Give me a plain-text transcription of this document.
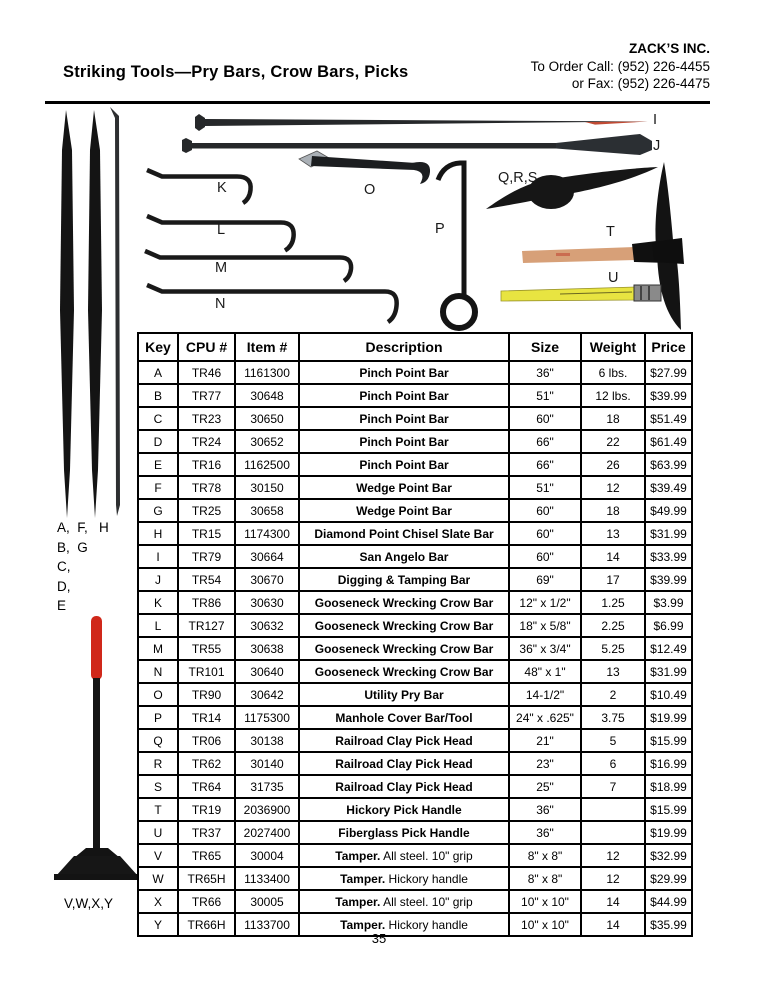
Striking Tools—Pry Bars, Crow Bars, Picks
ZACK’S INC.
To Order Call: (952) 226-4455
or Fax: (952) 226-4475
I
J
K
L
M
N
O
P
Q,R,S
T
U
A,  F,   H
B,  G
C,
D,
E
V,W,X,Y
Key	CPU #	Item #	Description	Size	Weight	Price
A	TR46	1161300	Pinch Point Bar	36"	6 lbs.	$27.99
B	TR77	30648	Pinch Point Bar	51"	12 lbs.	$39.99
C	TR23	30650	Pinch Point Bar	60"	18	$51.49
D	TR24	30652	Pinch Point Bar	66"	22	$61.49
E	TR16	1162500	Pinch Point Bar	66"	26	$63.99
F	TR78	30150	Wedge Point Bar	51"	12	$39.49
G	TR25	30658	Wedge Point Bar	60"	18	$49.99
H	TR15	1174300	Diamond Point Chisel Slate Bar	60"	13	$31.99
I	TR79	30664	San Angelo Bar	60"	14	$33.99
J	TR54	30670	Digging & Tamping Bar	69"	17	$39.99
K	TR86	30630	Gooseneck Wrecking Crow Bar	12" x 1/2"	1.25	$3.99
L	TR127	30632	Gooseneck Wrecking Crow Bar	18" x 5/8"	2.25	$6.99
M	TR55	30638	Gooseneck Wrecking Crow Bar	36" x 3/4"	5.25	$12.49
N	TR101	30640	Gooseneck Wrecking Crow Bar	48" x 1"	13	$31.99
O	TR90	30642	Utility Pry Bar	14-1/2"	2	$10.49
P	TR14	1175300	Manhole Cover Bar/Tool	24" x .625"	3.75	$19.99
Q	TR06	30138	Railroad Clay Pick Head	21"	5	$15.99
R	TR62	30140	Railroad Clay Pick Head	23"	6	$16.99
S	TR64	31735	Railroad Clay Pick Head	25"	7	$18.99
T	TR19	2036900	Hickory Pick Handle	36"		$15.99
U	TR37	2027400	Fiberglass Pick Handle	36"		$19.99
V	TR65	30004	Tamper. All steel. 10" grip	8" x 8"	12	$32.99
W	TR65H	1133400	Tamper. Hickory handle	8" x 8"	12	$29.99
X	TR66	30005	Tamper. All steel. 10" grip	10" x 10"	14	$44.99
Y	TR66H	1133700	Tamper. Hickory handle	10" x 10"	14	$35.99
35
